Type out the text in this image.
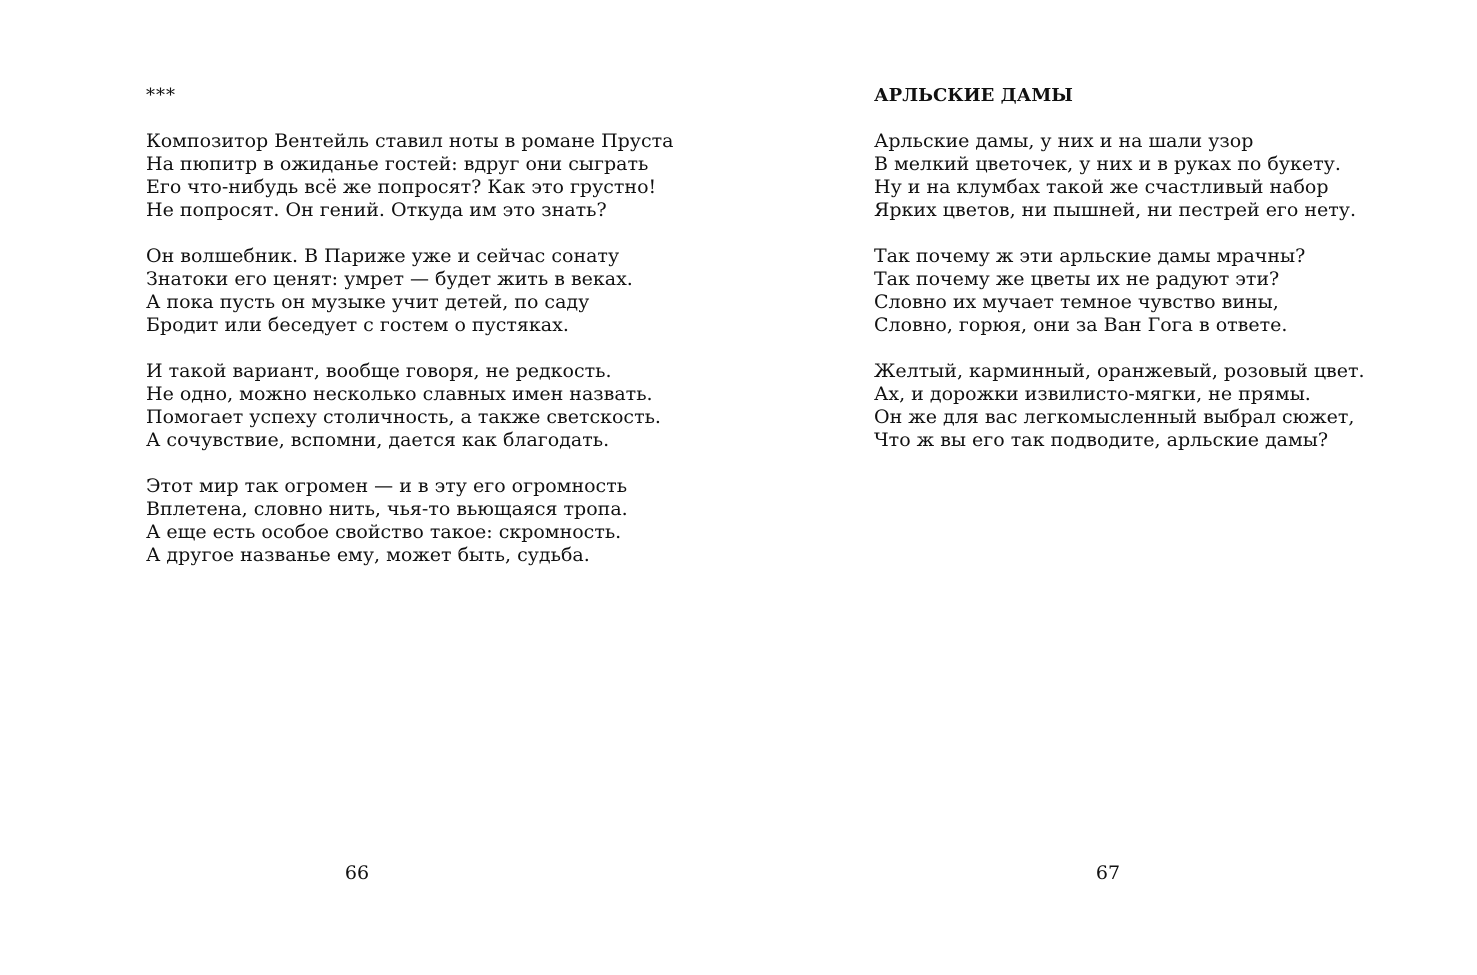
***
Композитор Вентейль ставил ноты в романе Пруста
На пюпитр в ожиданье гостей: вдруг они сыграть
Его что-нибудь всё же попросят? Как это грустно!
Не попросят. Он гений. Откуда им это знать?
Он волшебник. В Париже уже и сейчас сонату
Знатоки его ценят: умрет — будет жить в веках.
А пока пусть он музыке учит детей, по саду
Бродит или беседует с гостем о пустяках.
И такой вариант, вообще говоря, не редкость.
Не одно, можно несколько славных имен назвать.
Помогает успеху столичность, а также светскость.
А сочувствие, вспомни, дается как благодать.
Этот мир так огромен — и в эту его огромность
Вплетена, словно нить, чья-то вьющаяся тропа.
А еще есть особое свойство такое: скромность.
А другое названье ему, может быть, судьба.
66
АРЛЬСКИЕ ДАМЫ
Арльские дамы, у них и на шали узор
В мелкий цветочек, у них и в руках по букету.
Ну и на клумбах такой же счастливый набор
Ярких цветов, ни пышней, ни пестрей его нету.
Так почему ж эти арльские дамы мрачны?
Так почему же цветы их не радуют эти?
Словно их мучает темное чувство вины,
Словно, горюя, они за Ван Гога в ответе.
Желтый, карминный, оранжевый, розовый цвет.
Ах, и дорожки извилисто-мягки, не прямы.
Он же для вас легкомысленный выбрал сюжет,
Что ж вы его так подводите, арльские дамы?
67
